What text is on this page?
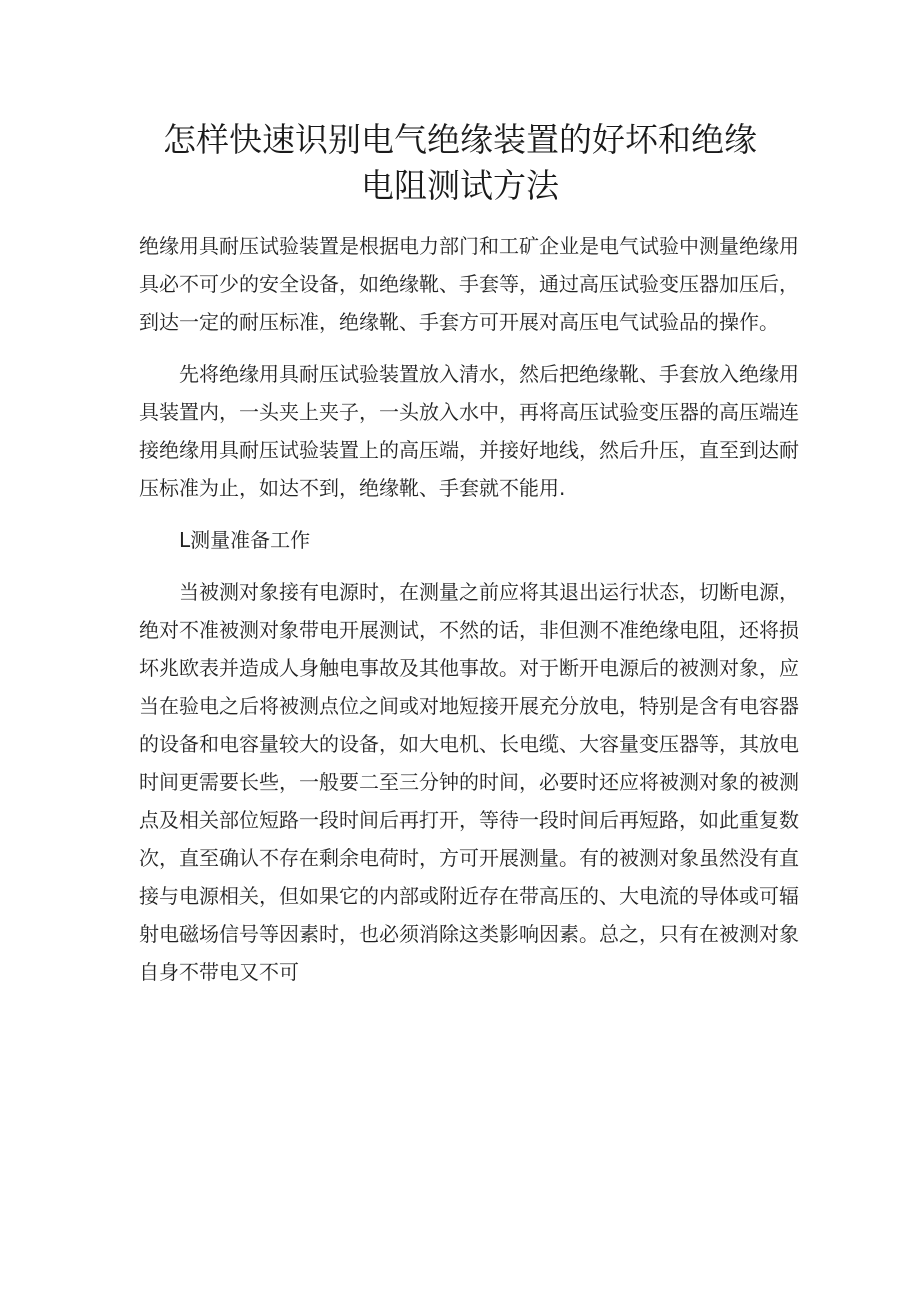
怎样快速识别电气绝缘装置的好坏和绝缘
电阻测试方法

绝缘用具耐压试验装置是根据电力部门和工矿企业是电气试验中测量绝缘用具必不可少的安全设备，如绝缘靴、手套等，通过高压试验变压器加压后，到达一定的耐压标准，绝缘靴、手套方可开展对高压电气试验品的操作。

先将绝缘用具耐压试验装置放入清水，然后把绝缘靴、手套放入绝缘用具装置内，一头夹上夹子，一头放入水中，再将高压试验变压器的高压端连接绝缘用具耐压试验装置上的高压端，并接好地线，然后升压，直至到达耐压标准为止，如达不到，绝缘靴、手套就不能用.

L测量准备工作

当被测对象接有电源时，在测量之前应将其退出运行状态，切断电源，绝对不准被测对象带电开展测试，不然的话，非但测不准绝缘电阻，还将损坏兆欧表并造成人身触电事故及其他事故。对于断开电源后的被测对象，应当在验电之后将被测点位之间或对地短接开展充分放电，特别是含有电容器的设备和电容量较大的设备，如大电机、长电缆、大容量变压器等，其放电时间更需要长些，一般要二至三分钟的时间，必要时还应将被测对象的被测点及相关部位短路一段时间后再打开，等待一段时间后再短路，如此重复数次，直至确认不存在剩余电荷时，方可开展测量。有的被测对象虽然没有直接与电源相关，但如果它的内部或附近存在带高压的、大电流的导体或可辐射电磁场信号等因素时，也必须消除这类影响因素。总之，只有在被测对象自身不带电又不可
